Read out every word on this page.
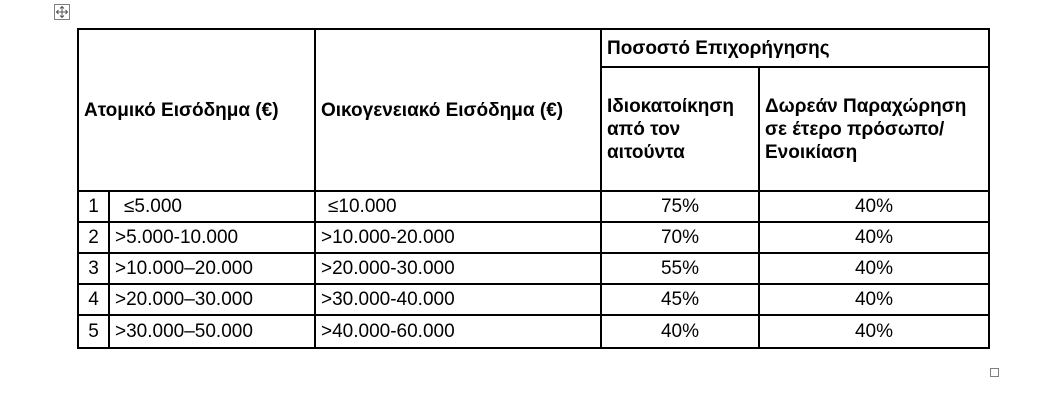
Ατομικό Εισόδημα (€)		Οικογενειακό Εισόδημα (€)	Ποσοστό Επιχορήγησης	
			Ιδιοκατοίκηση από τον αιτούντα	Δωρεάν Παραχώρηση σε έτερο πρόσωπο/Ενοικίαση
1	≤5.000	≤10.000	75%	40%
2	>5.000-10.000	>10.000-20.000	70%	40%
3	>10.000–20.000	>20.000-30.000	55%	40%
4	>20.000–30.000	>30.000-40.000	45%	40%
5	>30.000–50.000	>40.000-60.000	40%	40%
